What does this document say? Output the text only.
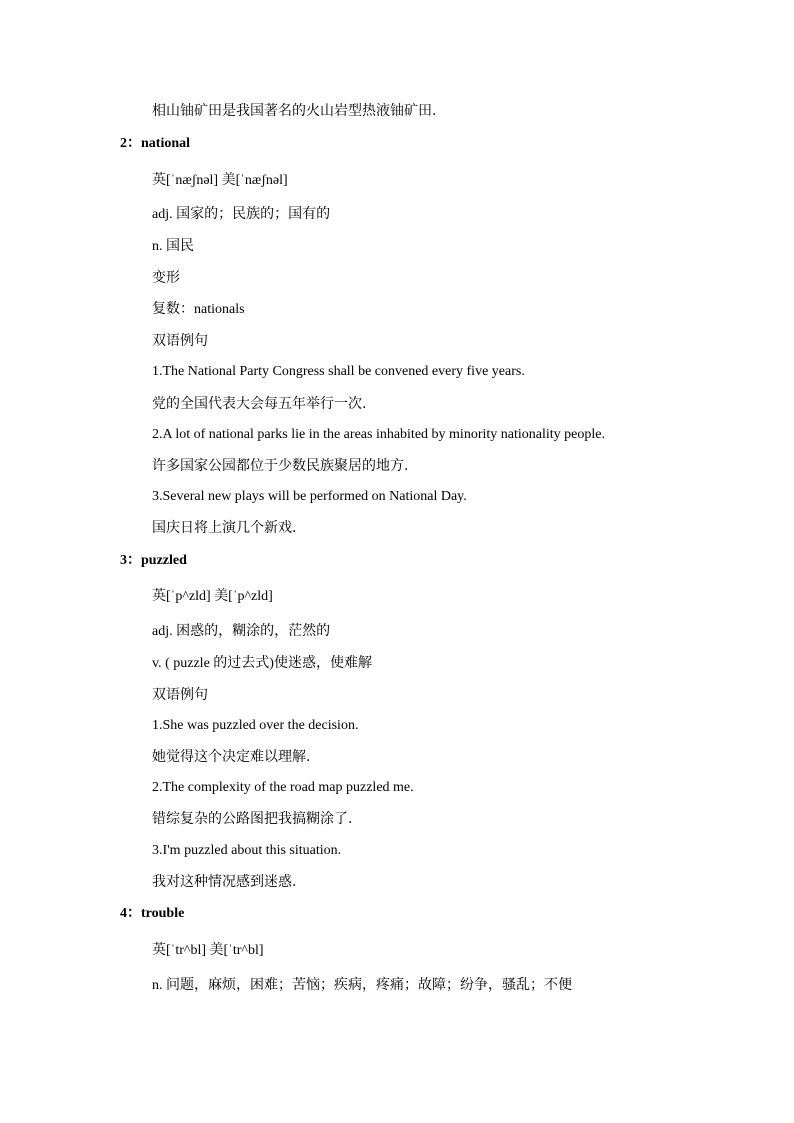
相山铀矿田是我国著名的火山岩型热液铀矿田.
2：national
英[ˈnæʃnəl] 美[ˈnæʃnəl]
adj. 国家的；民族的；国有的
n. 国民
变形
复数：nationals
双语例句
1.The National Party Congress shall be convened every five years.
党的全国代表大会每五年举行一次.
2.A lot of national parks lie in the areas inhabited by minority nationality people.
许多国家公园都位于少数民族聚居的地方.
3.Several new plays will be performed on National Day.
国庆日将上演几个新戏.
3：puzzled
英[ˈp^zld] 美[ˈp^zld]
adj. 困惑的，糊涂的，茫然的
v. ( puzzle 的过去式)使迷惑，使难解
双语例句
1.She was puzzled over the decision.
她觉得这个决定难以理解.
2.The complexity of the road map puzzled me.
错综复杂的公路图把我搞糊涂了.
3.I'm puzzled about this situation.
我对这种情况感到迷惑.
4：trouble
英[ˈtr^bl] 美[ˈtr^bl]
n. 问题，麻烦，困难；苦恼；疾病，疼痛；故障；纷争，骚乱；不便
